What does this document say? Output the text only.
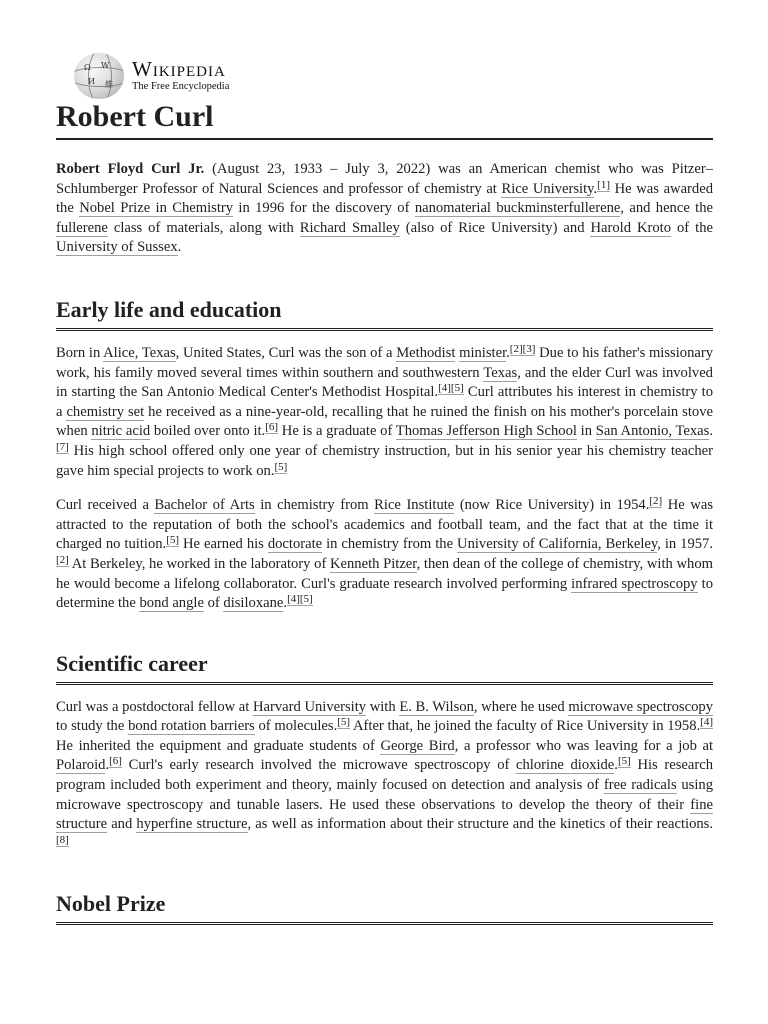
Ω W
И 維
Wikipedia
The Free Encyclopedia
Robert Curl

Robert Floyd Curl Jr. (August 23, 1933 – July 3, 2022) was an American chemist who was Pitzer–Schlumberger Professor of Natural Sciences and professor of chemistry at Rice University.[1] He was awarded the Nobel Prize in Chemistry in 1996 for the discovery of nanomaterial buckminsterfullerene, and hence the fullerene class of materials, along with Richard Smalley (also of Rice University) and Harold Kroto of the University of Sussex.

Early life and education

Born in Alice, Texas, United States, Curl was the son of a Methodist minister.[2][3] Due to his father's missionary work, his family moved several times within southern and southwestern Texas, and the elder Curl was involved in starting the San Antonio Medical Center's Methodist Hospital.[4][5] Curl attributes his interest in chemistry to a chemistry set he received as a nine-year-old, recalling that he ruined the finish on his mother's porcelain stove when nitric acid boiled over onto it.[6] He is a graduate of Thomas Jefferson High School in San Antonio, Texas.[7] His high school offered only one year of chemistry instruction, but in his senior year his chemistry teacher gave him special projects to work on.[5]

Curl received a Bachelor of Arts in chemistry from Rice Institute (now Rice University) in 1954.[2] He was attracted to the reputation of both the school's academics and football team, and the fact that at the time it charged no tuition.[5] He earned his doctorate in chemistry from the University of California, Berkeley, in 1957.[2] At Berkeley, he worked in the laboratory of Kenneth Pitzer, then dean of the college of chemistry, with whom he would become a lifelong collaborator. Curl's graduate research involved performing infrared spectroscopy to determine the bond angle of disiloxane.[4][5]

Scientific career

Curl was a postdoctoral fellow at Harvard University with E. B. Wilson, where he used microwave spectroscopy to study the bond rotation barriers of molecules.[5] After that, he joined the faculty of Rice University in 1958.[4] He inherited the equipment and graduate students of George Bird, a professor who was leaving for a job at Polaroid.[6] Curl's early research involved the microwave spectroscopy of chlorine dioxide.[5] His research program included both experiment and theory, mainly focused on detection and analysis of free radicals using microwave spectroscopy and tunable lasers. He used these observations to develop the theory of their fine structure and hyperfine structure, as well as information about their structure and the kinetics of their reactions.[8]

Nobel Prize
